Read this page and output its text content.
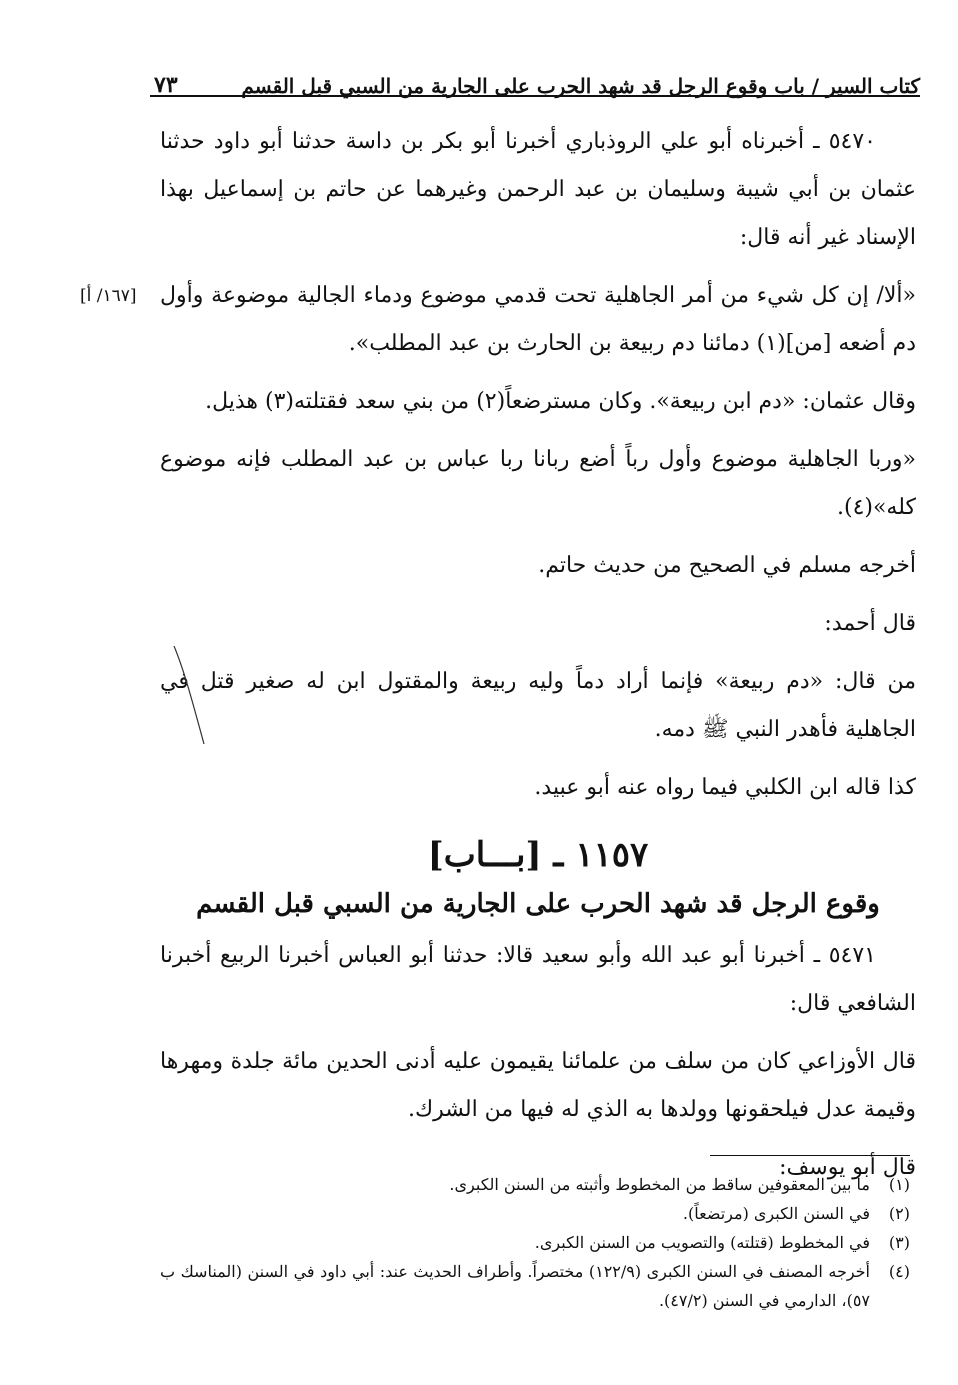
كتاب السير / باب وقوع الرجل قد شهد الحرب على الجارية من السبي قبل القسم
٧٣

٥٤٧٠ ـ أخبرناه أبو علي الروذباري أخبرنا أبو بكر بن داسة حدثنا أبو داود حدثنا عثمان بن أبي شيبة وسليمان بن عبد الرحمن وغيرهما عن حاتم بن إسماعيل بهذا الإسناد غير أنه قال:

[١٦٧/ أ] «ألا/ إن كل شيء من أمر الجاهلية تحت قدمي موضوع ودماء الجالية موضوعة وأول دم أضعه [من](١) دمائنا دم ربيعة بن الحارث بن عبد المطلب».

وقال عثمان: «دم ابن ربيعة». وكان مسترضعاً(٢) من بني سعد فقتلته(٣) هذيل.

«وربا الجاهلية موضوع وأول رباً أضع ربانا ربا عباس بن عبد المطلب فإنه موضوع كله»(٤).

أخرجه مسلم في الصحيح من حديث حاتم.

قال أحمد:

من قال: «دم ربيعة» فإنما أراد دماً وليه ربيعة والمقتول ابن له صغير قتل في الجاهلية فأهدر النبي ﷺ دمه.

كذا قاله ابن الكلبي فيما رواه عنه أبو عبيد.

١١٥٧ ـ [بـــاب]
وقوع الرجل قد شهد الحرب على الجارية من السبي قبل القسم

٥٤٧١ ـ أخبرنا أبو عبد الله وأبو سعيد قالا: حدثنا أبو العباس أخبرنا الربيع أخبرنا الشافعي قال:

قال الأوزاعي كان من سلف من علمائنا يقيمون عليه أدنى الحدين مائة جلدة ومهرها وقيمة عدل فيلحقونها وولدها به الذي له فيها من الشرك.

قال أبو يوسف:

(١)
ما بين المعقوفين ساقط من المخطوط وأثبته من السنن الكبرى.
(٢)
في السنن الكبرى (مرتضعاً).
(٣)
في المخطوط (قتلته) والتصويب من السنن الكبرى.
(٤)
أخرجه المصنف في السنن الكبرى (١٢٢/٩) مختصراً. وأطراف الحديث عند: أبي داود في السنن (المناسك ب ٥٧)، الدارمي في السنن (٤٧/٢).
